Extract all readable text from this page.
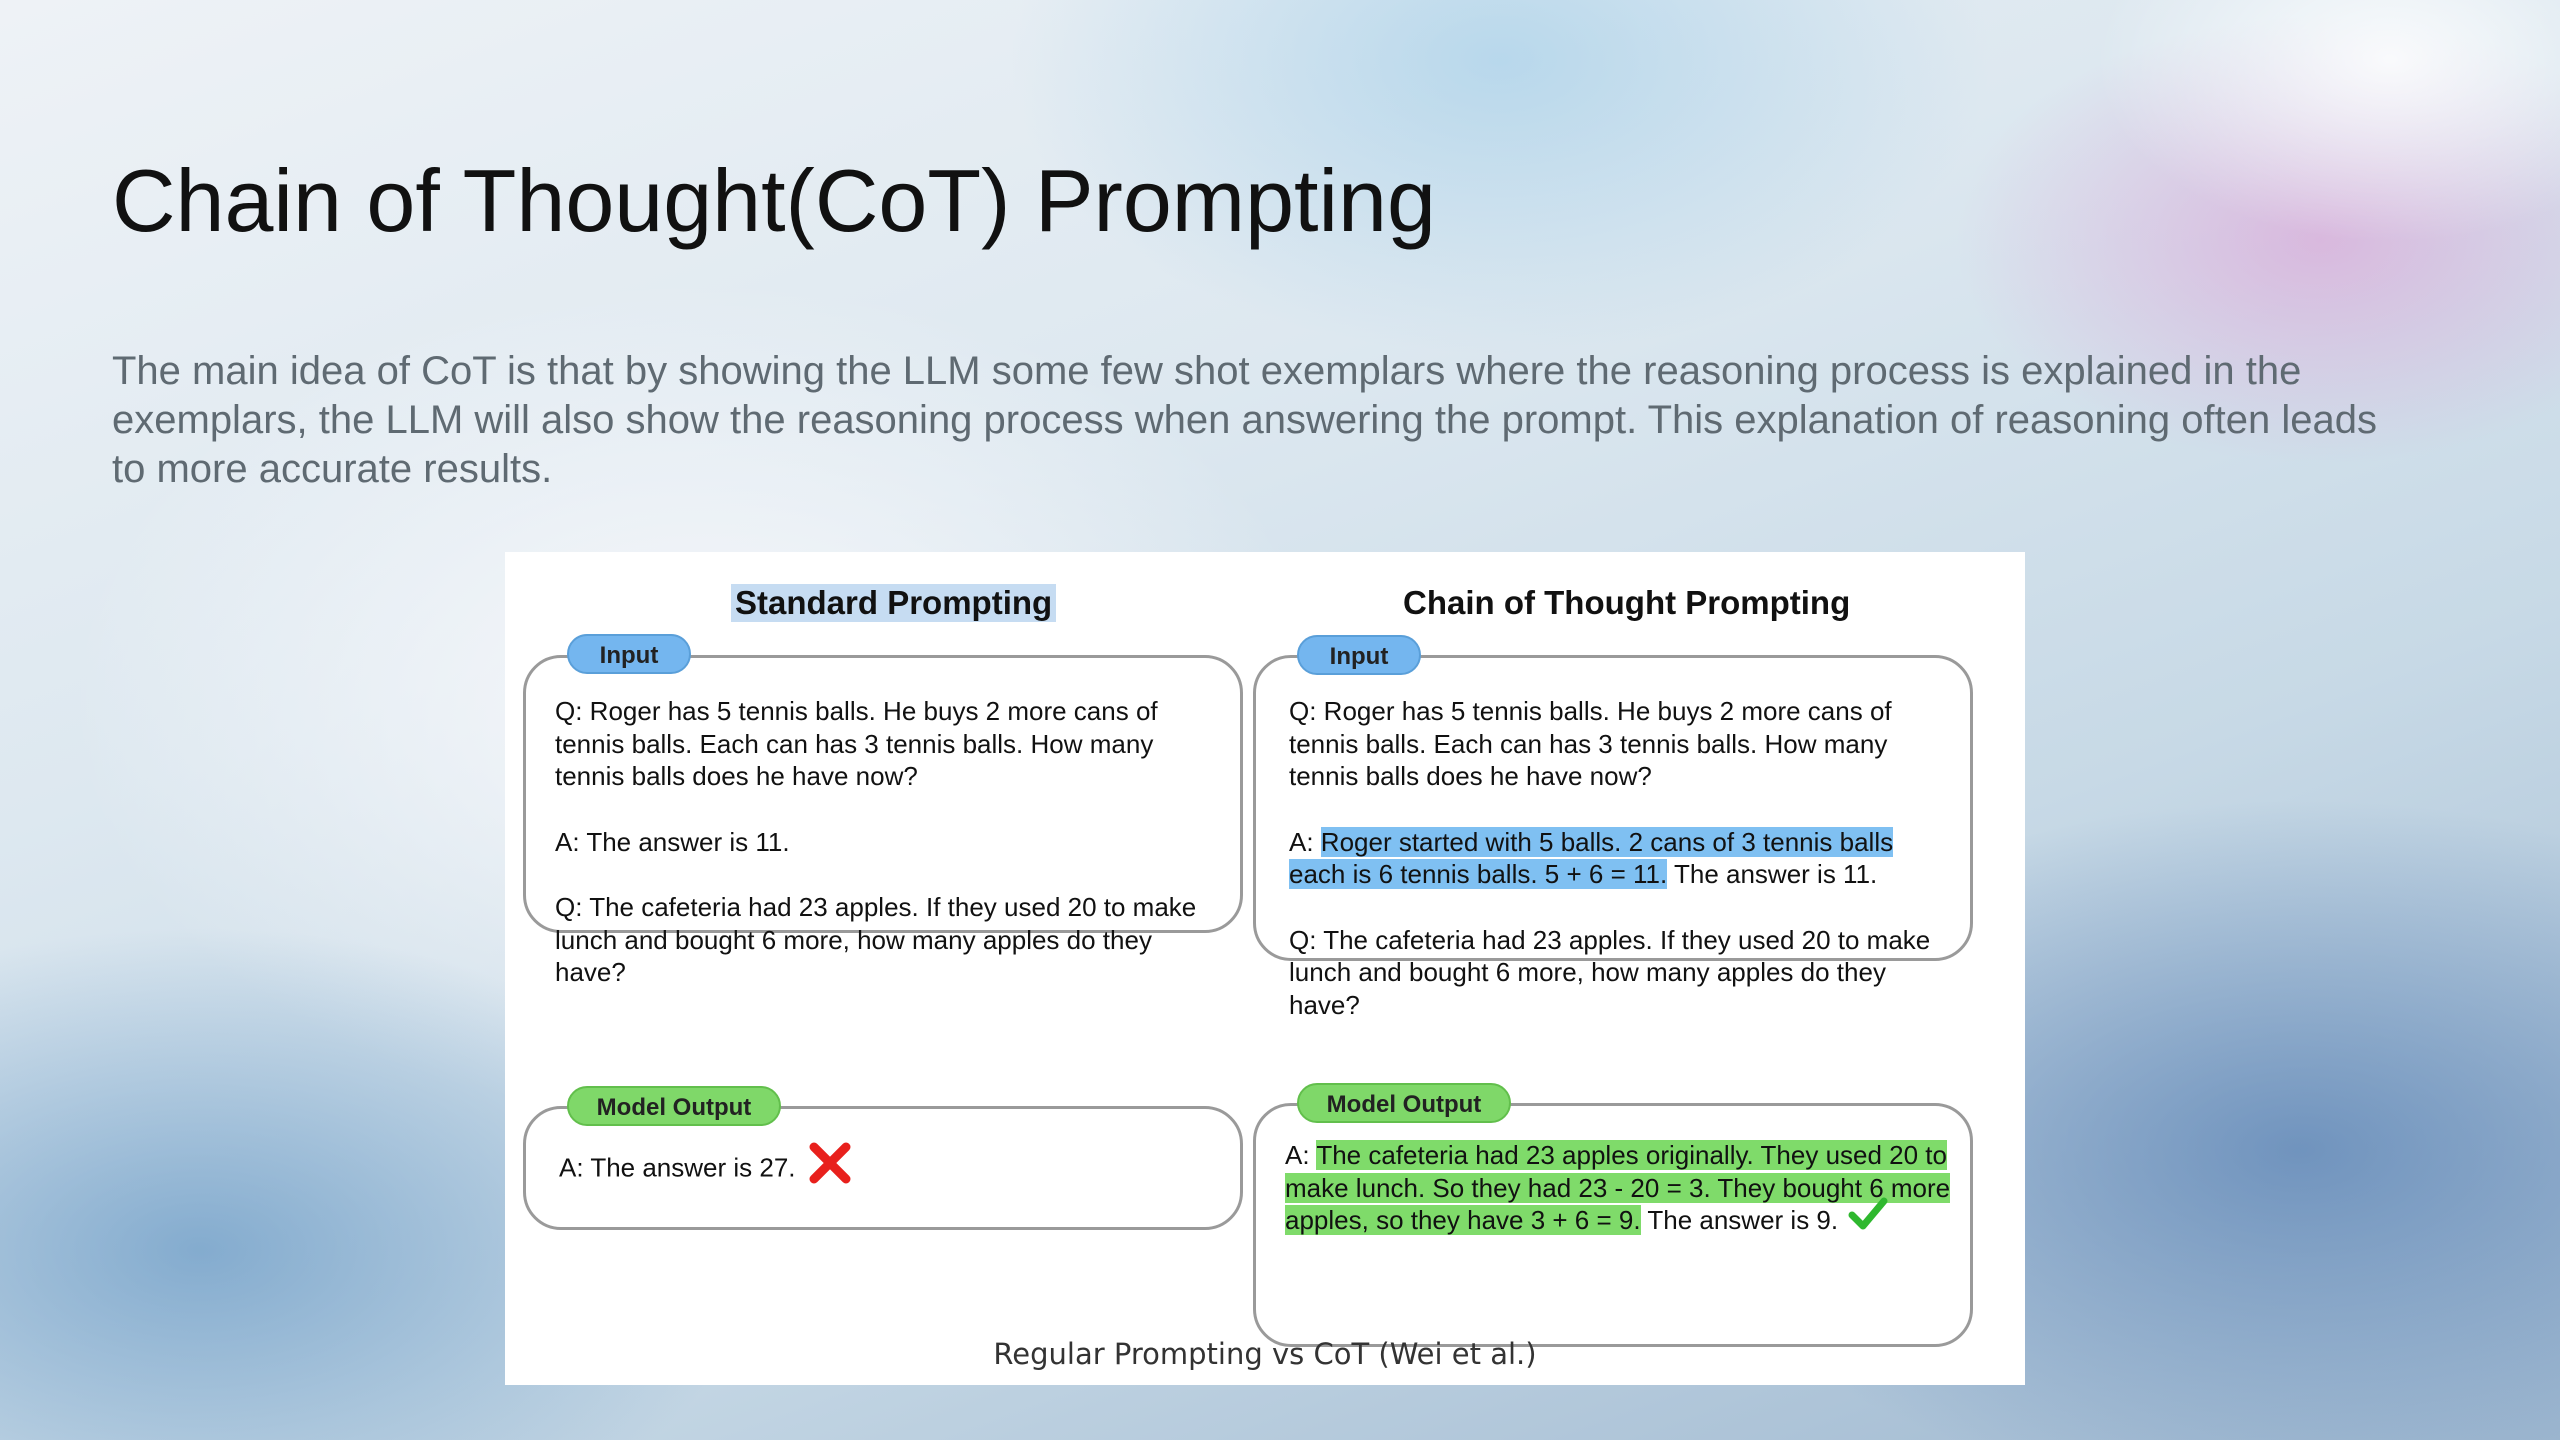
Chain of Thought(CoT) Prompting

The main idea of CoT is that by showing the LLM some few shot exemplars where the reasoning process is explained in the exemplars, the LLM will also show the reasoning process when answering the prompt. This explanation of reasoning often leads to more accurate results.

Standard Prompting

Q: Roger has 5 tennis balls. He buys 2 more cans of tennis balls. Each can has 3 tennis balls. How many tennis balls does he have now?

A: The answer is 11.

Q: The cafeteria had 23 apples. If they used 20 to make lunch and bought 6 more, how many apples do they have?

Input
A: The answer is 27.
Model Output
Chain of Thought Prompting

Q: Roger has 5 tennis balls. He buys 2 more cans of tennis balls. Each can has 3 tennis balls. How many tennis balls does he have now?

A: Roger started with 5 balls. 2 cans of 3 tennis balls each is 6 tennis balls. 5 + 6 = 11. The answer is 11.

Q: The cafeteria had 23 apples. If they used 20 to make lunch and bought 6 more, how many apples do they have?

Input
A: The cafeteria had 23 apples originally. They used 20 to make lunch. So they had 23 - 20 = 3. They bought 6 more apples, so they have 3 + 6 = 9. The answer is 9.
Model Output
Regular Prompting vs CoT (Wei et al.)
